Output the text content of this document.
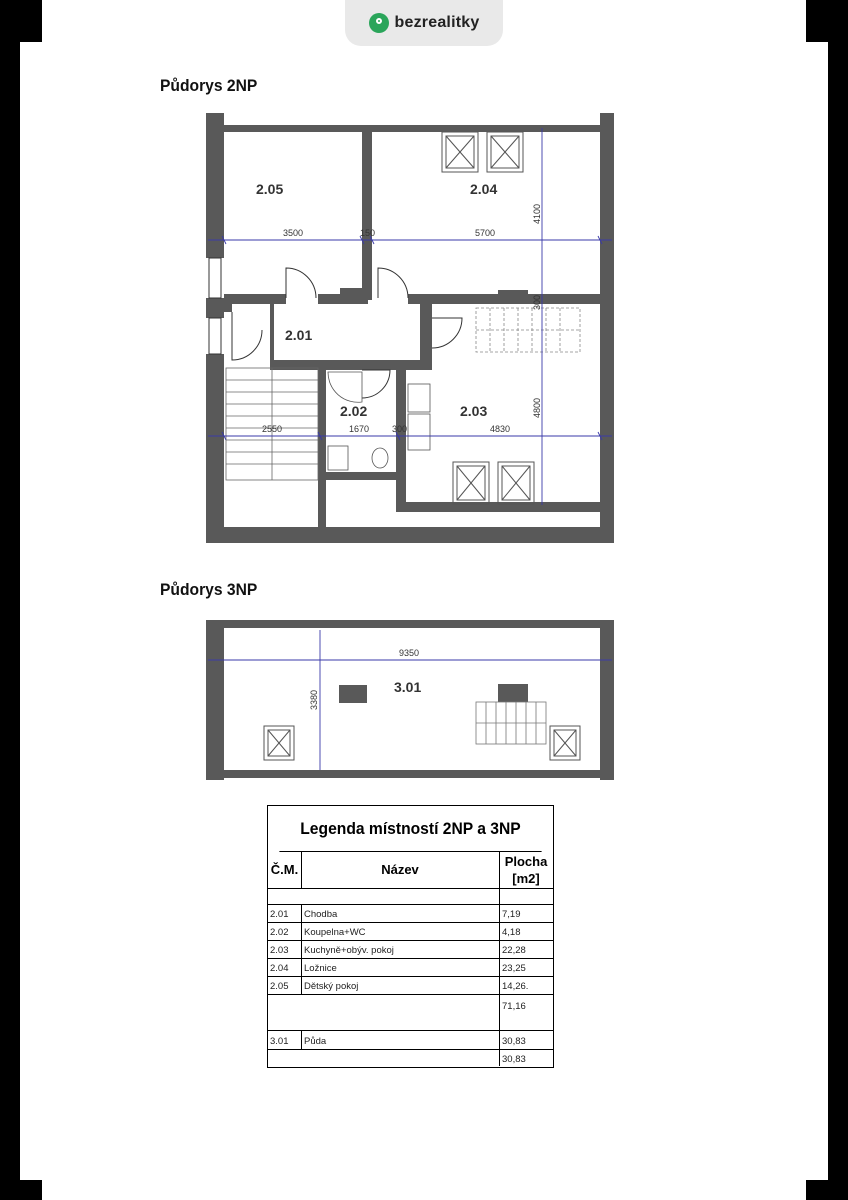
bezrealitky
Půdorys 2NP
3500	150	5700
4100
300
2550	1670	300	4830
4800
2.05	2.04
2.01
2.02	2.03
9350
3380
3.01
Půdorys 3NP
Legenda místností 2NP a 3NP
Č.M.	Název
Plocha [m2]
2.01 Chodba	7,19
2.02 Koupelna+WC	4,18
2.03 Kuchyně+obýv. pokoj	22,28
2.04 Ložnice	23,25
2.05 Dětský pokoj	14,26.
71,16
3.01 Půda	30,83
30,83
